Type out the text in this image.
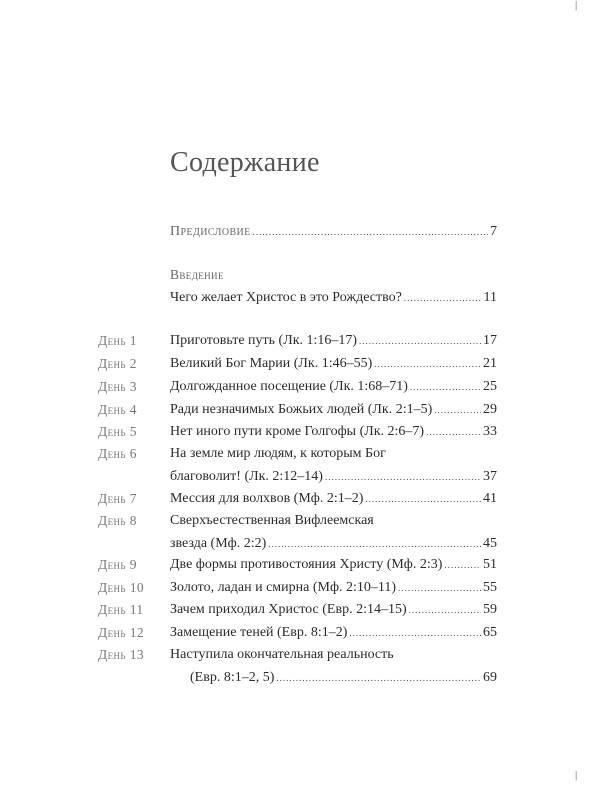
|
|
Содержание
Предисловие .....	7
Введение
Чего желает Христос в это Рождество? .....	11
День 1 Приготовьте путь (Лк. 1:16–17) .....	17
День 2 Великий Бог Марии (Лк. 1:46–55) .....	21
День 3 Долгожданное посещение (Лк. 1:68–71) .....	25
День 4 Ради незначимых Божьих людей (Лк. 2:1–5) .....	29
День 5 Нет иного пути кроме Голгофы (Лк. 2:6–7) .....	33
День 6 На земле мир людям, к которым Бог
благоволит! (Лк. 2:12–14) .....	37
День 7 Мессия для волхвов (Мф. 2:1–2) .....	41
День 8 Сверхъестественная Вифлеемская
звезда (Мф. 2:2) .....	45
День 9 Две формы противостояния Христу (Мф. 2:3) .....	51
День 10 Золото, ладан и смирна (Мф. 2:10–11) .....	55
День 11 Зачем приходил Христос (Евр. 2:14–15) .....	59
День 12 Замещение теней (Евр. 8:1–2) .....	65
День 13 Наступила окончательная реальность
(Евр. 8:1–2, 5) .....	69
